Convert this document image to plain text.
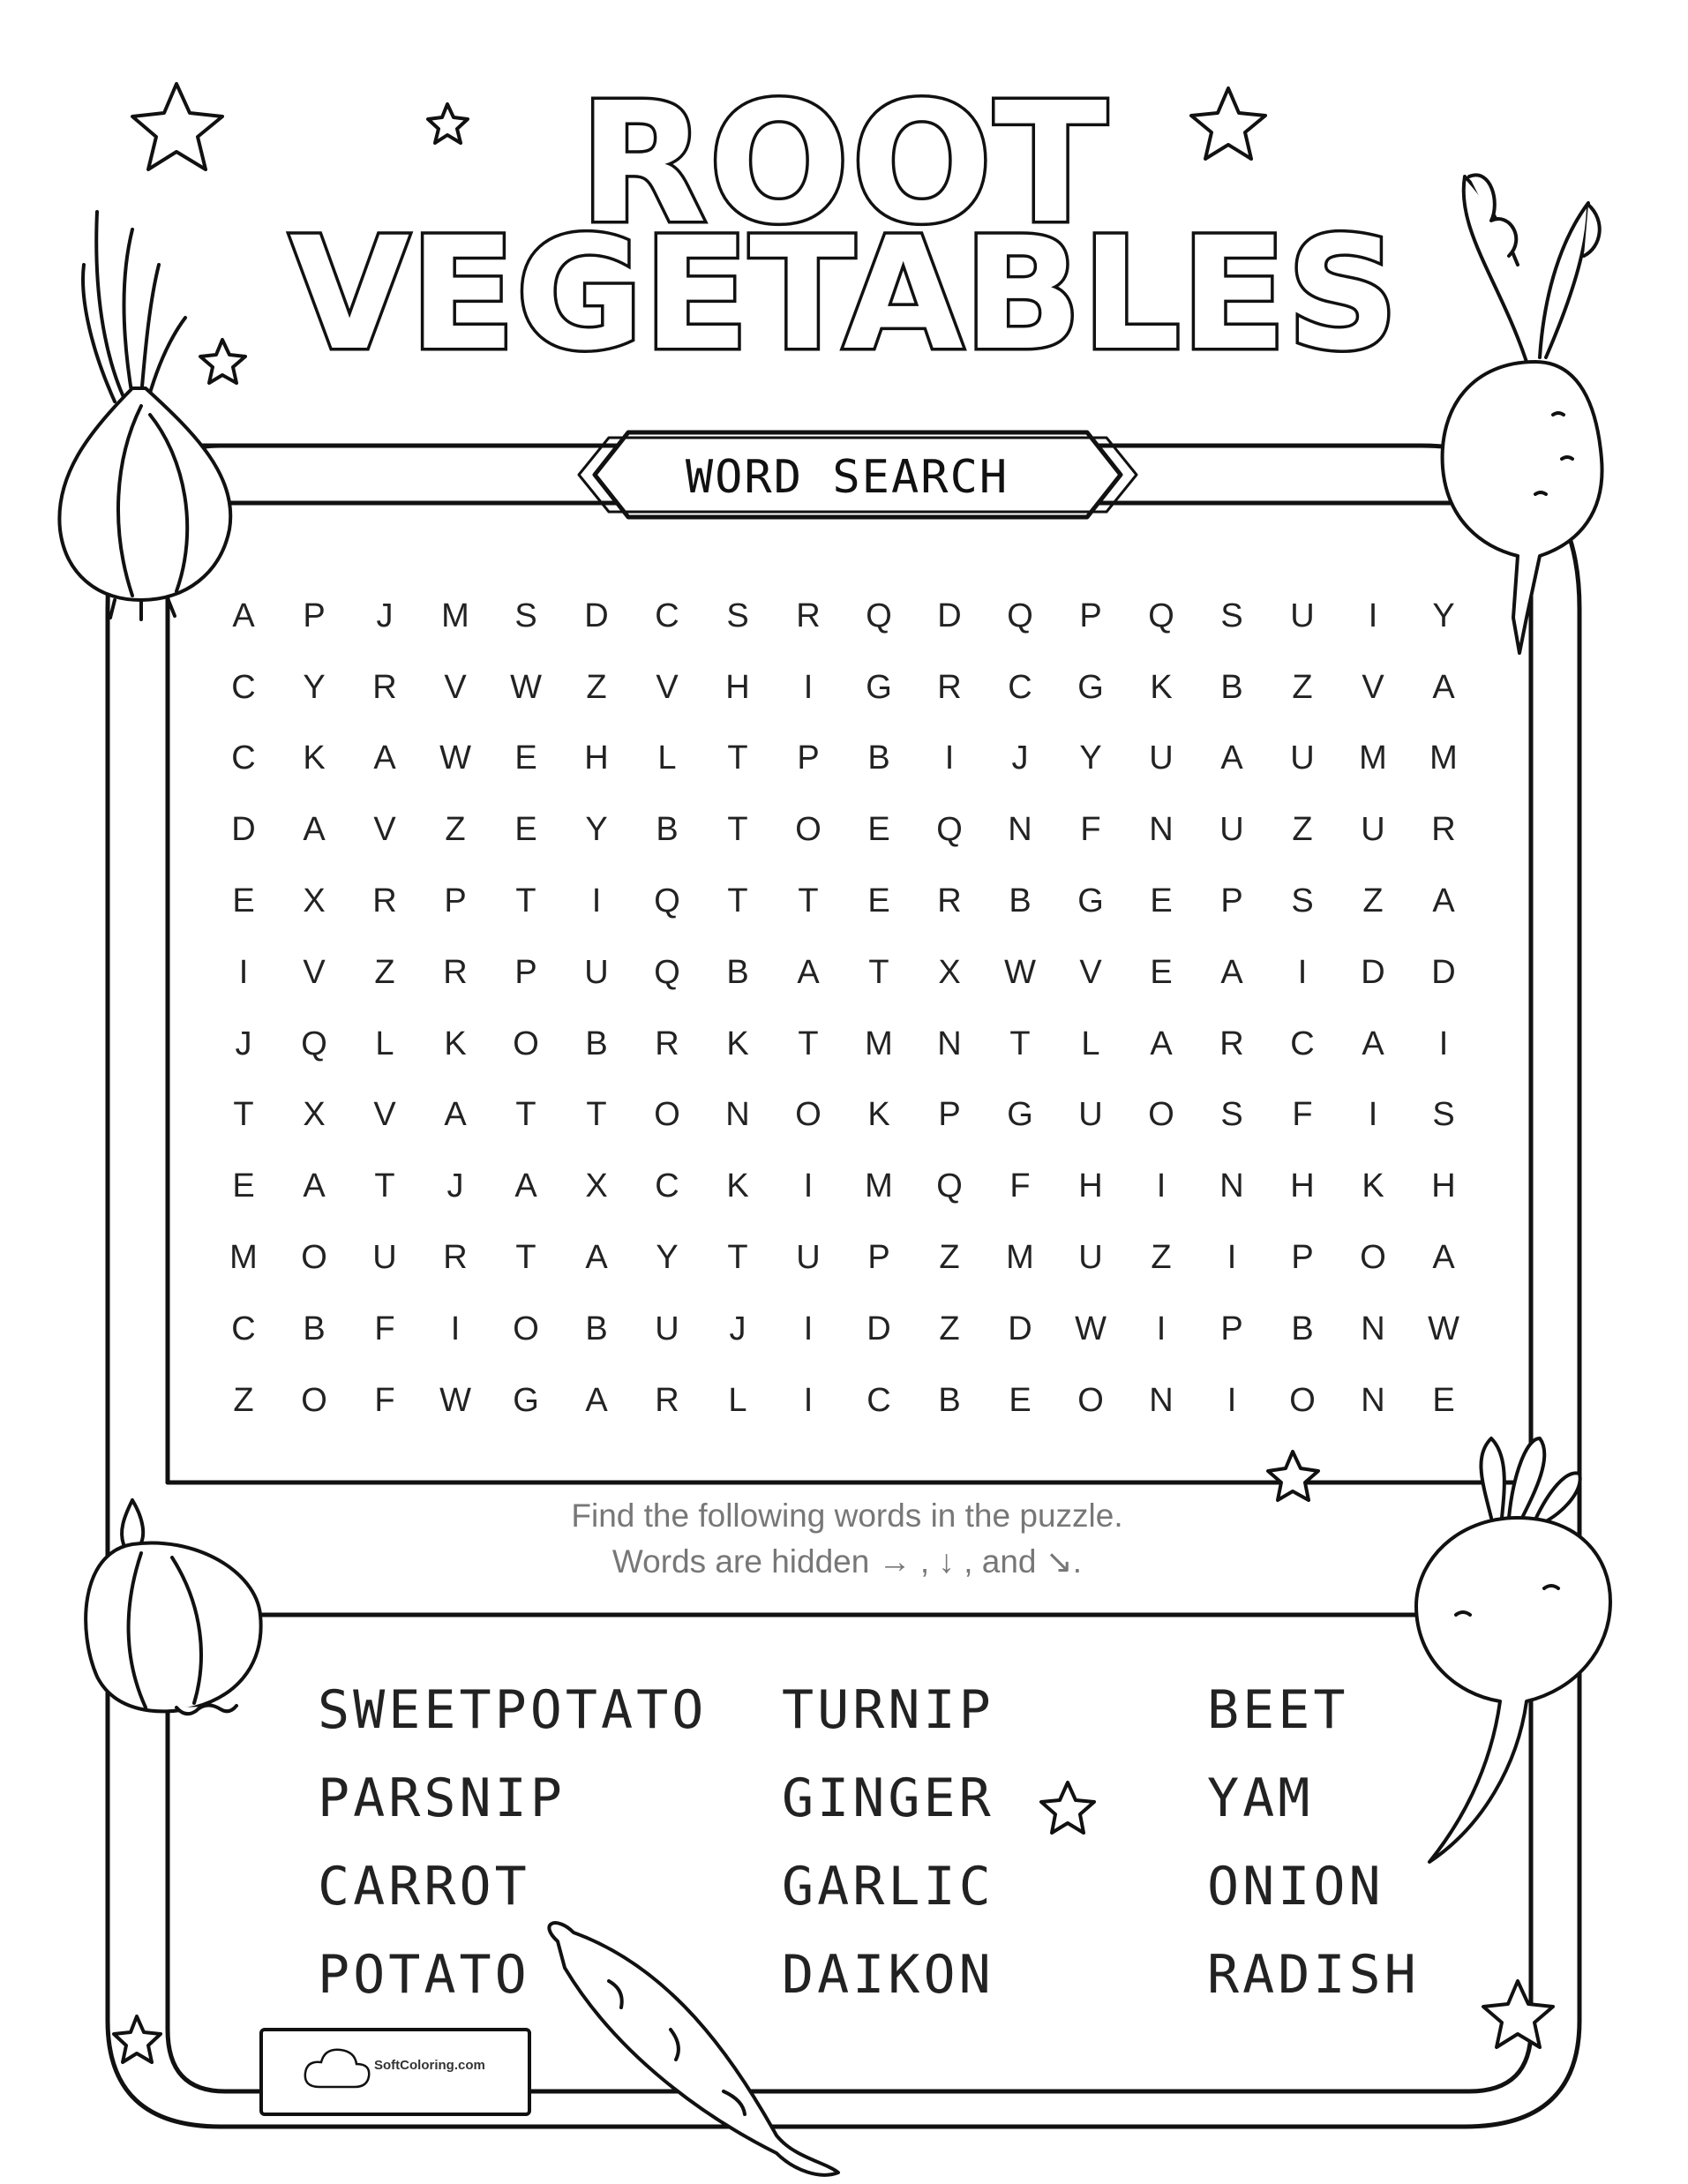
ROOT
VEGETABLES
WORD SEARCH
A	P	J	M	S	D	C	S	R	Q	D	Q	P	Q	S	U	I	Y
C	Y	R	V	W	Z	V	H	I	G	R	C	G	K	B	Z	V	A
C	K	A	W	E	H	L	T	P	B	I	J	Y	U	A	U	M	M
D	A	V	Z	E	Y	B	T	O	E	Q	N	F	N	U	Z	U	R
E	X	R	P	T	I	Q	T	T	E	R	B	G	E	P	S	Z	A
I	V	Z	R	P	U	Q	B	A	T	X	W	V	E	A	I	D	D
J	Q	L	K	O	B	R	K	T	M	N	T	L	A	R	C	A	I
T	X	V	A	T	T	O	N	O	K	P	G	U	O	S	F	I	S
E	A	T	J	A	X	C	K	I	M	Q	F	H	I	N	H	K	H
M	O	U	R	T	A	Y	T	U	P	Z	M	U	Z	I	P	O	A
C	B	F	I	O	B	U	J	I	D	Z	D	W	I	P	B	N	W
Z	O	F	W	G	A	R	L	I	C	B	E	O	N	I	O	N	E
Find the following words in the puzzle.
Words are hidden → , ↓ , and ↘.
SWEETPOTATO
PARSNIP
CARROT
POTATO
TURNIP
GINGER
GARLIC
DAIKON
BEET
YAM
ONION
RADISH
SoftColoring.com
